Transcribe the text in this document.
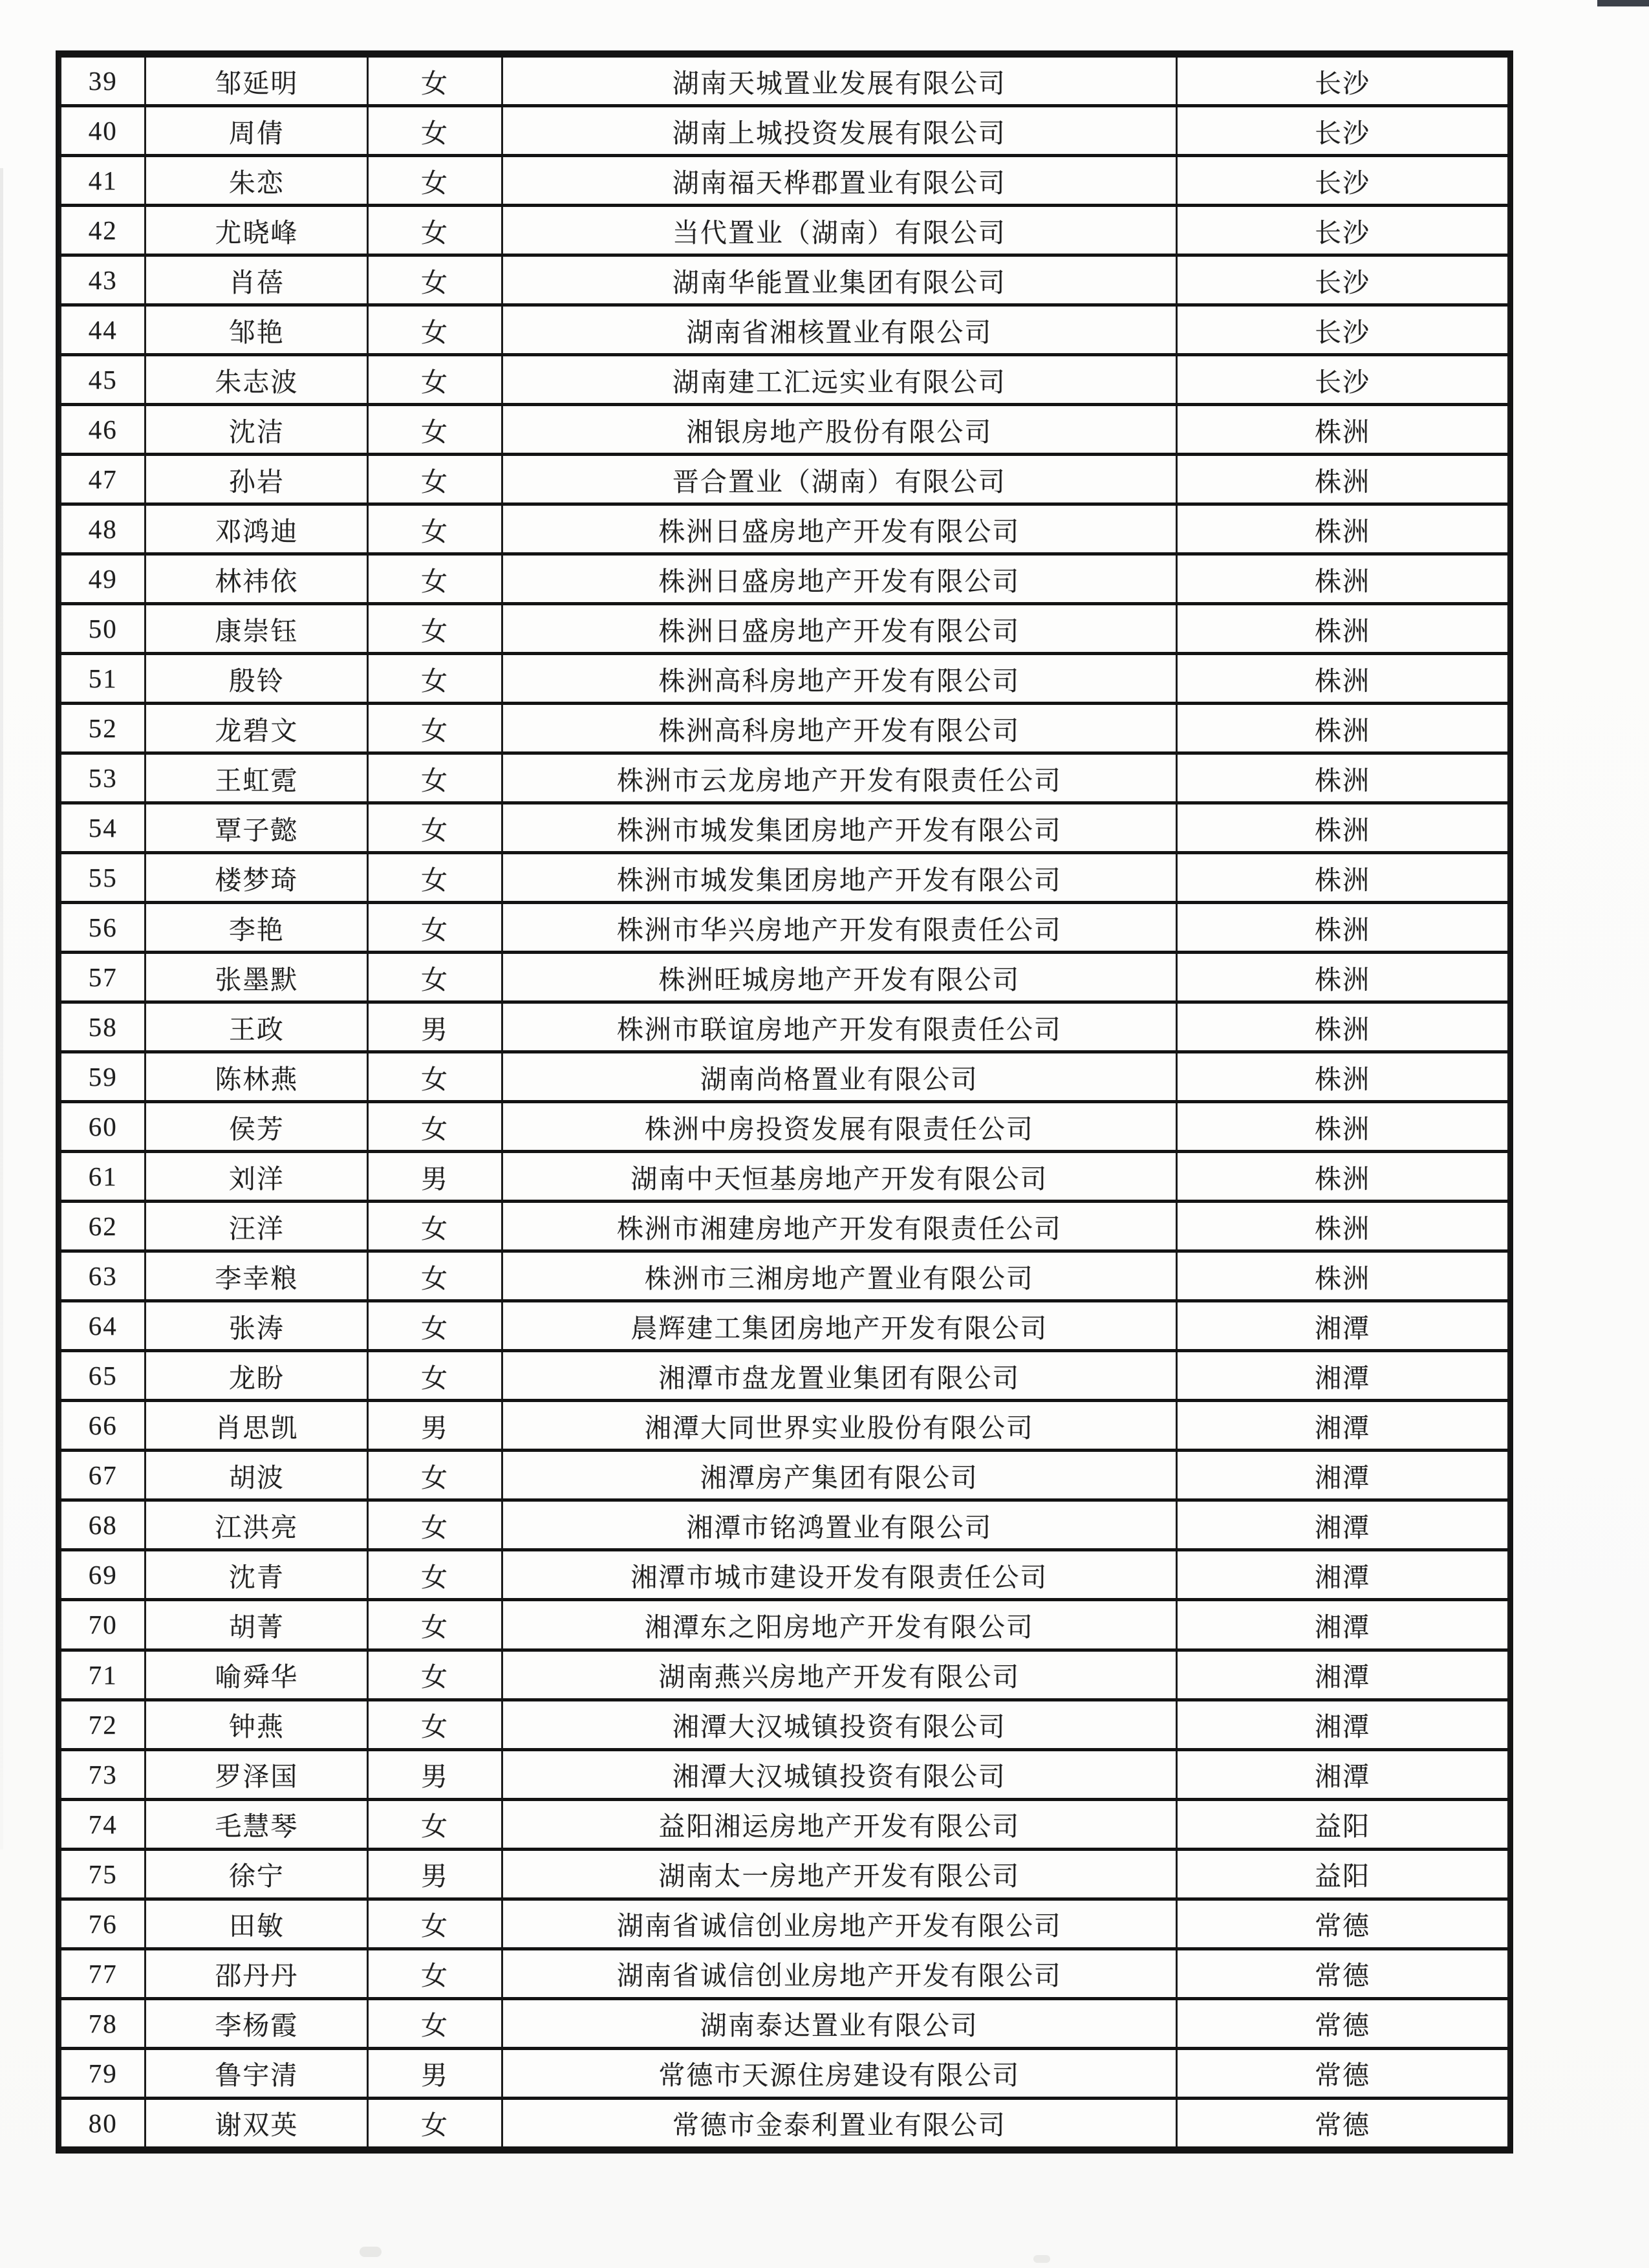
39	邹延明	女	湖南天城置业发展有限公司	长沙
40	周倩	女	湖南上城投资发展有限公司	长沙
41	朱恋	女	湖南福天桦郡置业有限公司	长沙
42	尤晓峰	女	当代置业（湖南）有限公司	长沙
43	肖蓓	女	湖南华能置业集团有限公司	长沙
44	邹艳	女	湖南省湘核置业有限公司	长沙
45	朱志波	女	湖南建工汇远实业有限公司	长沙
46	沈洁	女	湘银房地产股份有限公司	株洲
47	孙岩	女	晋合置业（湖南）有限公司	株洲
48	邓鸿迪	女	株洲日盛房地产开发有限公司	株洲
49	林祎依	女	株洲日盛房地产开发有限公司	株洲
50	康崇钰	女	株洲日盛房地产开发有限公司	株洲
51	殷铃	女	株洲高科房地产开发有限公司	株洲
52	龙碧文	女	株洲高科房地产开发有限公司	株洲
53	王虹霓	女	株洲市云龙房地产开发有限责任公司	株洲
54	覃子懿	女	株洲市城发集团房地产开发有限公司	株洲
55	楼梦琦	女	株洲市城发集团房地产开发有限公司	株洲
56	李艳	女	株洲市华兴房地产开发有限责任公司	株洲
57	张墨默	女	株洲旺城房地产开发有限公司	株洲
58	王政	男	株洲市联谊房地产开发有限责任公司	株洲
59	陈林燕	女	湖南尚格置业有限公司	株洲
60	侯芳	女	株洲中房投资发展有限责任公司	株洲
61	刘洋	男	湖南中天恒基房地产开发有限公司	株洲
62	汪洋	女	株洲市湘建房地产开发有限责任公司	株洲
63	李幸粮	女	株洲市三湘房地产置业有限公司	株洲
64	张涛	女	晨辉建工集团房地产开发有限公司	湘潭
65	龙盼	女	湘潭市盘龙置业集团有限公司	湘潭
66	肖思凯	男	湘潭大同世界实业股份有限公司	湘潭
67	胡波	女	湘潭房产集团有限公司	湘潭
68	江洪亮	女	湘潭市铭鸿置业有限公司	湘潭
69	沈青	女	湘潭市城市建设开发有限责任公司	湘潭
70	胡菁	女	湘潭东之阳房地产开发有限公司	湘潭
71	喻舜华	女	湖南燕兴房地产开发有限公司	湘潭
72	钟燕	女	湘潭大汉城镇投资有限公司	湘潭
73	罗泽国	男	湘潭大汉城镇投资有限公司	湘潭
74	毛慧琴	女	益阳湘运房地产开发有限公司	益阳
75	徐宁	男	湖南太一房地产开发有限公司	益阳
76	田敏	女	湖南省诚信创业房地产开发有限公司	常德
77	邵丹丹	女	湖南省诚信创业房地产开发有限公司	常德
78	李杨霞	女	湖南泰达置业有限公司	常德
79	鲁宇清	男	常德市天源住房建设有限公司	常德
80	谢双英	女	常德市金泰利置业有限公司	常德
